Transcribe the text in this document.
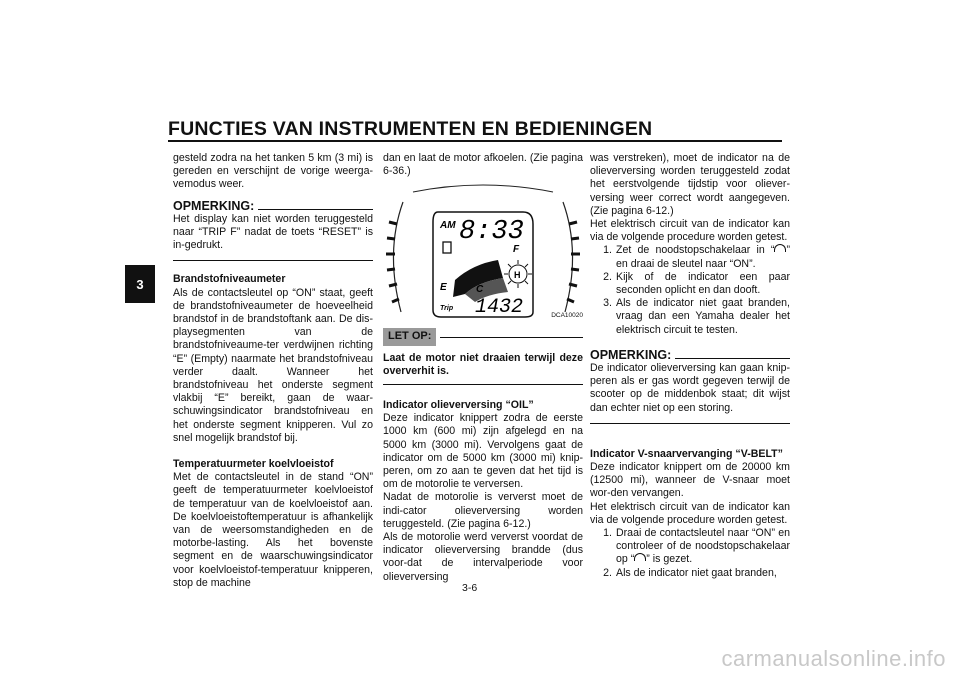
FUNCTIES VAN INSTRUMENTEN EN BEDIENINGEN
3

gesteld zodra na het tanken 5 km (3 mi) is gereden en verschijnt de vorige weerga-vemodus weer.

OPMERKING:

Het display kan niet worden teruggesteld naar “TRIP F” nadat de toets “RESET” is in-gedrukt.

Brandstofniveaumeter

Als de contactsleutel op “ON” staat, geeft de brandstofniveaumeter de hoeveelheid brandstof in de brandstoftank aan. De dis-playsegmenten van de brandstofniveaume-ter verdwijnen richting “E” (Empty) naarmate het brandstofniveau verder daalt. Wanneer het brandstofniveau het onderste segment vlakbij “E” bereikt, gaan de waar-schuwingsindicator brandstofniveau en het onderste segment knipperen. Vul zo snel mogelijk brandstof bij.

Temperatuurmeter koelvloeistof

Met de contactsleutel in de stand “ON” geeft de temperatuurmeter koelvloeistof de temperatuur van de koelvloeistof aan. De koelvloeistoftemperatuur is afhankelijk van de weersomstandigheden en de motorbe-lasting. Als het bovenste segment en de waarschuwingsindicator voor koelvloeistof-temperatuur knipperen, stop de machine

dan en laat de motor afkoelen. (Zie pagina 6-36.)

H
AM 8:33
F
E	C
Trip 1432	DCA10020
LET OP:

Laat de motor niet draaien terwijl deze oververhit is.

Indicator olieverversing “OIL”

Deze indicator knippert zodra de eerste 1000 km (600 mi) zijn afgelegd en na 5000 km (3000 mi). Vervolgens gaat de indicator om de 5000 km (3000 mi) knip-peren, om zo aan te geven dat het tijd is om de motorolie te verversen.

Nadat de motorolie is ververst moet de indi-cator olieverversing worden teruggesteld. (Zie pagina 6-12.)

Als de motorolie werd ververst voordat de indicator olieverversing brandde (dus voor-dat de intervalperiode voor olieverversing

was verstreken), moet de indicator na de olieverversing worden teruggesteld zodat het eerstvolgende tijdstip voor oliever-versing weer correct wordt aangegeven. (Zie pagina 6-12.)

Het elektrisch circuit van de indicator kan via de volgende procedure worden getest.

1. Zet de noodstopschakelaar in “ ” en draai de sleutel naar “ON”.
2. Kijk of de indicator een paar seconden oplicht en dan dooft.
3. Als de indicator niet gaat branden, vraag dan een Yamaha dealer het elektrisch circuit te testen.
OPMERKING:

De indicator olieverversing kan gaan knip-peren als er gas wordt gegeven terwijl de scooter op de middenbok staat; dit wijst dan echter niet op een storing.

Indicator V-snaarvervanging “V-BELT”

Deze indicator knippert om de 20000 km (12500 mi), wanneer de V-snaar moet wor-den vervangen.

Het elektrisch circuit van de indicator kan via de volgende procedure worden getest.

1. Draai de contactsleutel naar “ON” en controleer of de noodstopschakelaar op “ ” is gezet.
2. Als de indicator niet gaat branden,
3-6
carmanualsonline.info
